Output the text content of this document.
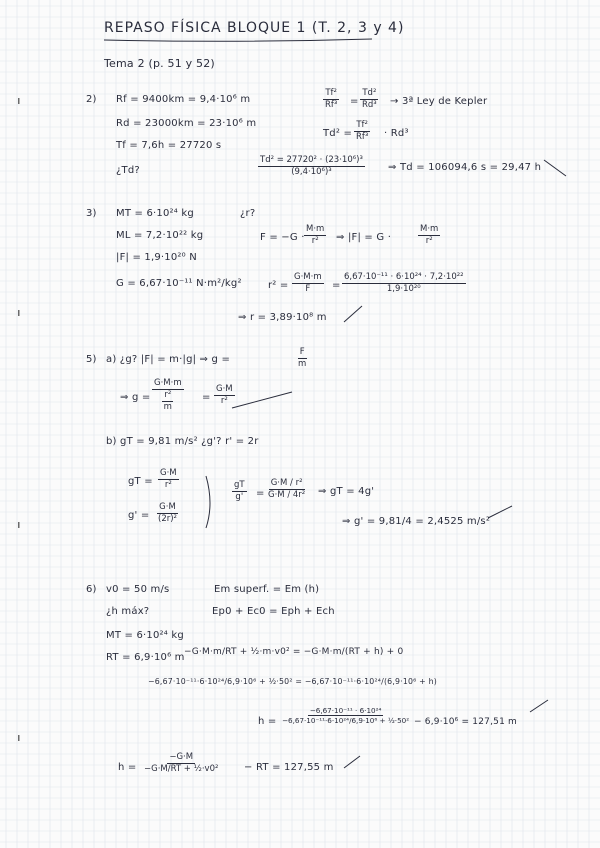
REPASO FÍSICA BLOQUE 1 (T. 2, 3 y 4)
Tema 2 (p. 51 y 52)
2) Rf = 9400km = 9,4·10⁶ m
Rd = 23000km = 23·10⁶ m
Tf = 7,6h = 27720 s
¿Td?
$\frac{\text{Tf²}}{\text{Rf³}} = \frac{\text{Td²}}{\text{Rd³}}$ → 3ª Ley de Kepler
$Td^2 = \frac{\text{Tf²}}{\text{Rf³}} \cdot Rd^3$
$\frac{\text{Td² = 27720² · (23·10⁶)³}}{\text{(9,4·10⁶)³}}$ ⇒ Td = 106094,6 s = 29,47 h
3) MT = 6·10²⁴ kg	¿r?
ML = 7,2·10²² kg
|F| = 1,9·10²⁰ N
$F = -G \cdot \frac{M\cdot m}{\text{r²}}$ ⇒ |F| = G ·	$\frac{M\cdot m}{\text{r²}}$
G = 6,67·10⁻¹¹ N·m²/kg²	$r^2 = \frac{G\cdot M\cdot m}{F} = \frac{\text{6,67·10⁻¹¹ · 6·10²⁴ · 7,2·10²²}}{\text{1,9·10²⁰}}$
⇒ r = 3,89·10⁸ m
5) a) ¿g? |F| = m·|g| ⇒ g =	$\frac{F}{m}$
⇒ g =
G·M·m
r²
m
= $\frac{G\cdot M}{\text{r²}}$
b) gT = 9,81 m/s² ¿g'? r' = 2r
gT = $\frac{G\cdot M}{\text{r²}}$
$g' = \frac{G\cdot M}{\text{(2r)²}}$
$\frac{gT}{g'} = \frac{\text{G·M / r²}}{\text{G·M / 4r²}}$ ⇒ gT = 4g'
⇒ g' = 9,81/4 = 2,4525 m/s²
6) v0 = 50 m/s	Em superf. = Em (h)
¿h máx?	Ep0 + Ec0 = Eph + Ech
MT = 6·10²⁴ kg
RT = 6,9·10⁶ m −G·M·m/RT + ½·m·v0² = −G·M·m/(RT + h) + 0
−6,67·10⁻¹¹·6·10²⁴/6,9·10⁶ + ½·50² = −6,67·10⁻¹¹·6·10²⁴/(6,9·10⁶ + h)
$h = \frac{\text{−6,67·10⁻¹¹ · 6·10²⁴}}{\text{−6,67·10⁻¹¹·6·10²⁴/6,9·10⁶ + ½·50²}} - 6,9\cdot 10^6 = 127,51$ m
$h = \frac{-G\cdot M}{\text{−G·M/RT + ½·v0²}}$ − RT = 127,55 m
